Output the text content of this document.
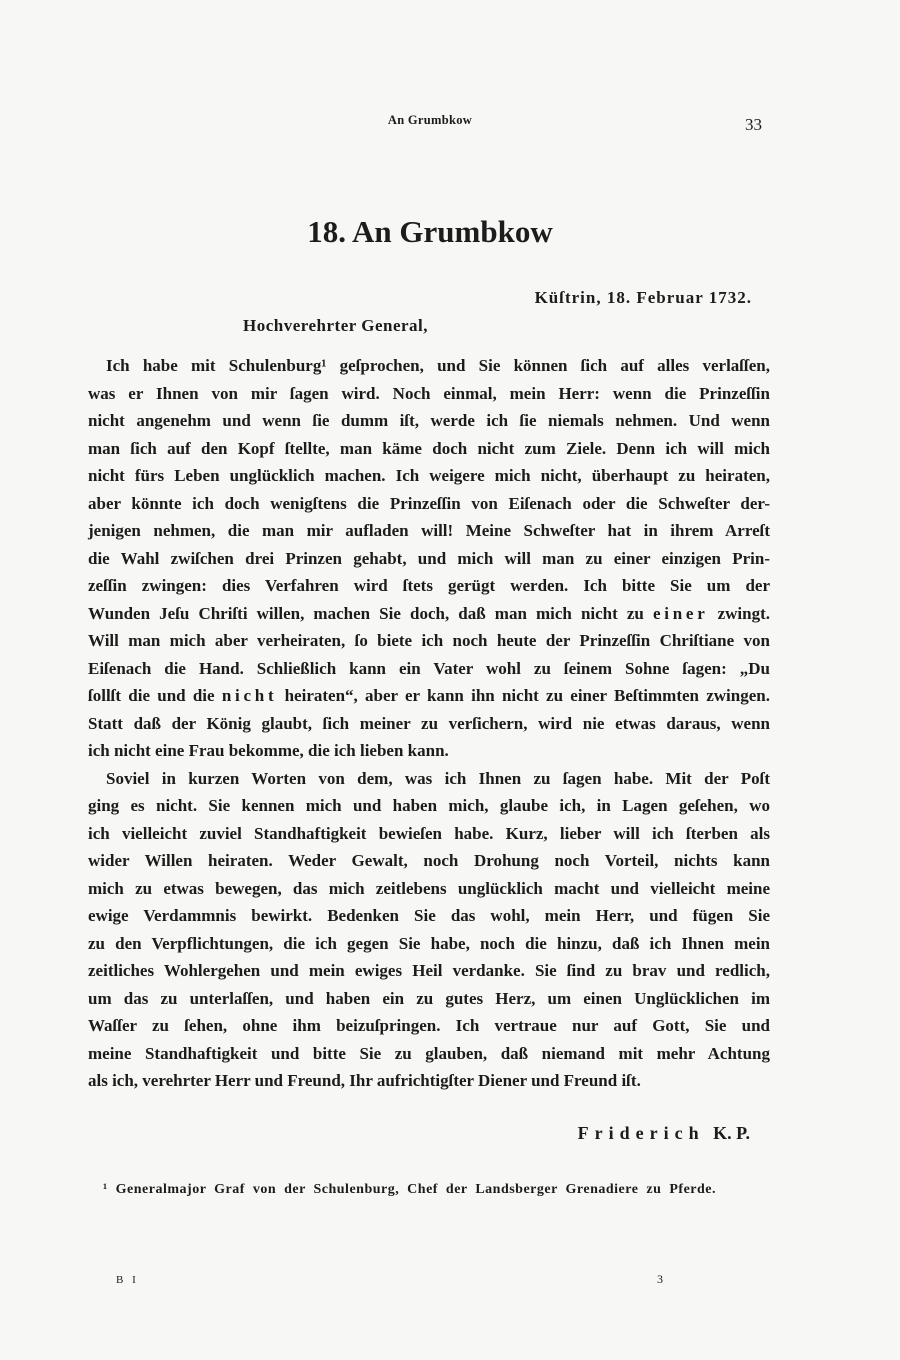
An Grumbkow	33
18. An Grumbkow
Küſtrin, 18. Februar 1732.
Hochverehrter General,
Ich habe mit Schulenburg¹ geſprochen, und Sie können ſich auf alles verlaſſen,
was er Ihnen von mir ſagen wird. Noch einmal, mein Herr: wenn die Prinzeſſin
nicht angenehm und wenn ſie dumm iſt, werde ich ſie niemals nehmen. Und wenn
man ſich auf den Kopf ſtellte, man käme doch nicht zum Ziele. Denn ich will mich
nicht fürs Leben unglücklich machen. Ich weigere mich nicht, überhaupt zu heiraten,
aber könnte ich doch wenigſtens die Prinzeſſin von Eiſenach oder die Schweſter der-
jenigen nehmen, die man mir aufladen will! Meine Schweſter hat in ihrem Arreſt
die Wahl zwiſchen drei Prinzen gehabt, und mich will man zu einer einzigen Prin-
zeſſin zwingen: dies Verfahren wird ſtets gerügt werden. Ich bitte Sie um der
Wunden Jeſu Chriſti willen, machen Sie doch, daß man mich nicht zu einer zwingt.
Will man mich aber verheiraten, ſo biete ich noch heute der Prinzeſſin Chriſtiane von
Eiſenach die Hand. Schließlich kann ein Vater wohl zu ſeinem Sohne ſagen: „Du
ſollſt die und die nicht heiraten“, aber er kann ihn nicht zu einer Beſtimmten zwingen.
Statt daß der König glaubt, ſich meiner zu verſichern, wird nie etwas daraus, wenn
ich nicht eine Frau bekomme, die ich lieben kann.
Soviel in kurzen Worten von dem, was ich Ihnen zu ſagen habe. Mit der Poſt
ging es nicht. Sie kennen mich und haben mich, glaube ich, in Lagen geſehen, wo
ich vielleicht zuviel Standhaftigkeit bewieſen habe. Kurz, lieber will ich ſterben als
wider Willen heiraten. Weder Gewalt, noch Drohung noch Vorteil, nichts kann
mich zu etwas bewegen, das mich zeitlebens unglücklich macht und vielleicht meine
ewige Verdammnis bewirkt. Bedenken Sie das wohl, mein Herr, und fügen Sie
zu den Verpflichtungen, die ich gegen Sie habe, noch die hinzu, daß ich Ihnen mein
zeitliches Wohlergehen und mein ewiges Heil verdanke. Sie ſind zu brav und redlich,
um das zu unterlaſſen, und haben ein zu gutes Herz, um einen Unglücklichen im
Waſſer zu ſehen, ohne ihm beizuſpringen. Ich vertraue nur auf Gott, Sie und
meine Standhaftigkeit und bitte Sie zu glauben, daß niemand mit mehr Achtung
als ich, verehrter Herr und Freund, Ihr aufrichtigſter Diener und Freund iſt.
Friderich K. P.
¹ Generalmajor Graf von der Schulenburg, Chef der Landsberger Grenadiere zu Pferde.
B I	3
